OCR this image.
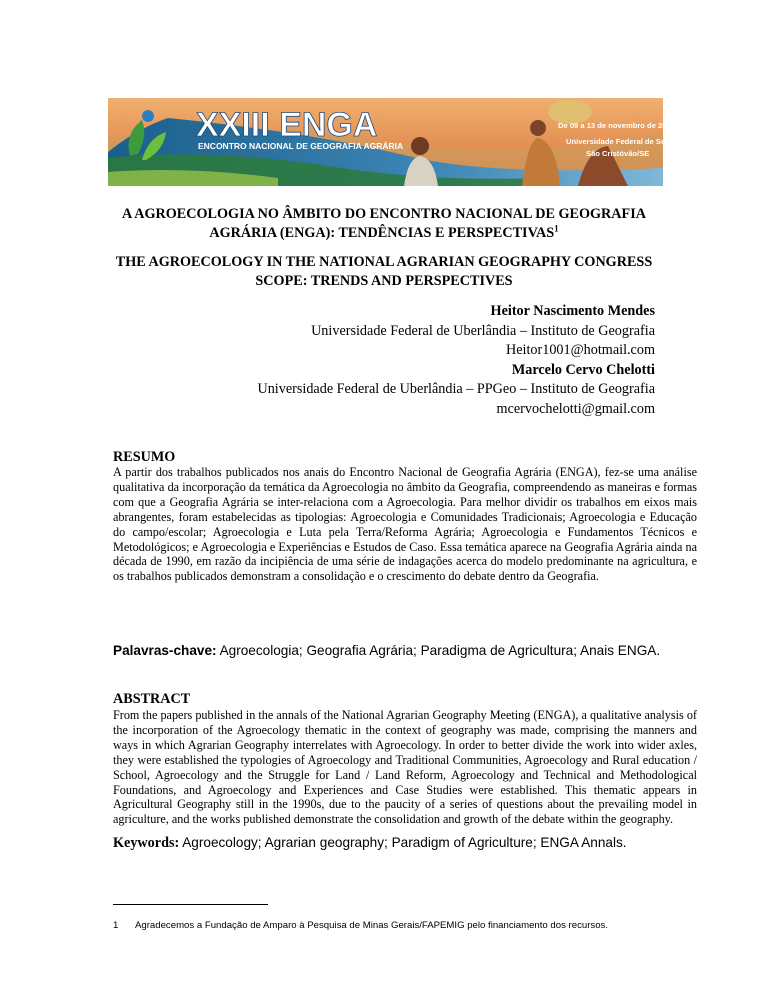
XXIII ENGA
ENCONTRO NACIONAL DE GEOGRAFIA AGRÁRIA
De 09 a 13 de novembro de 2016
Universidade Federal de Sergipe
São Cristóvão/SE
A AGROECOLOGIA NO ÂMBITO DO ENCONTRO NACIONAL DE GEOGRAFIA AGRÁRIA (ENGA): TENDÊNCIAS E PERSPECTIVAS$^1$
THE AGROECOLOGY IN THE NATIONAL AGRARIAN GEOGRAPHY CONGRESS SCOPE: TRENDS AND PERSPECTIVES
Heitor Nascimento Mendes
Universidade Federal de Uberlândia – Instituto de Geografia
Heitor1001@hotmail.com
Marcelo Cervo Chelotti
Universidade Federal de Uberlândia – PPGeo – Instituto de Geografia
mcervochelotti@gmail.com
RESUMO
A partir dos trabalhos publicados nos anais do Encontro Nacional de Geografia Agrária (ENGA), fez-se uma análise qualitativa da incorporação da temática da Agroecologia no âmbito da Geografia, compreendendo as maneiras e formas com que a Geografia Agrária se inter-relaciona com a Agroecologia. Para melhor dividir os trabalhos em eixos mais abrangentes, foram estabelecidas as tipologias: Agroecologia e Comunidades Tradicionais; Agroecologia e Educação do campo/escolar; Agroecologia e Luta pela Terra/Reforma Agrária; Agroecologia e Fundamentos Técnicos e Metodológicos; e Agroecologia e Experiências e Estudos de Caso. Essa temática aparece na Geografia Agrária ainda na década de 1990, em razão da incipiência de uma série de indagações acerca do modelo predominante na agricultura, e os trabalhos publicados demonstram a consolidação e o crescimento do debate dentro da Geografia.
Palavras-chave: Agroecologia; Geografia Agrária; Paradigma de Agricultura; Anais ENGA.
ABSTRACT
From the papers published in the annals of the National Agrarian Geography Meeting (ENGA), a qualitative analysis of the incorporation of the Agroecology thematic in the context of geography was made, comprising the manners and ways in which Agrarian Geography interrelates with Agroecology. In order to better divide the work into wider axles, they were established the typologies of Agroecology and Traditional Communities, Agroecology and Rural education / School, Agroecology and the Struggle for Land / Land Reform, Agroecology and Technical and Methodological Foundations, and Agroecology and Experiences and Case Studies were established. This thematic appears in Agricultural Geography still in the 1990s, due to the paucity of a series of questions about the prevailing model in agriculture, and the works published demonstrate the consolidation and growth of the debate within the geography.
Keywords: Agroecology; Agrarian geography; Paradigm of Agriculture; ENGA Annals.
1 Agradecemos a Fundação de Amparo à Pesquisa de Minas Gerais/FAPEMIG pelo financiamento dos recursos.
